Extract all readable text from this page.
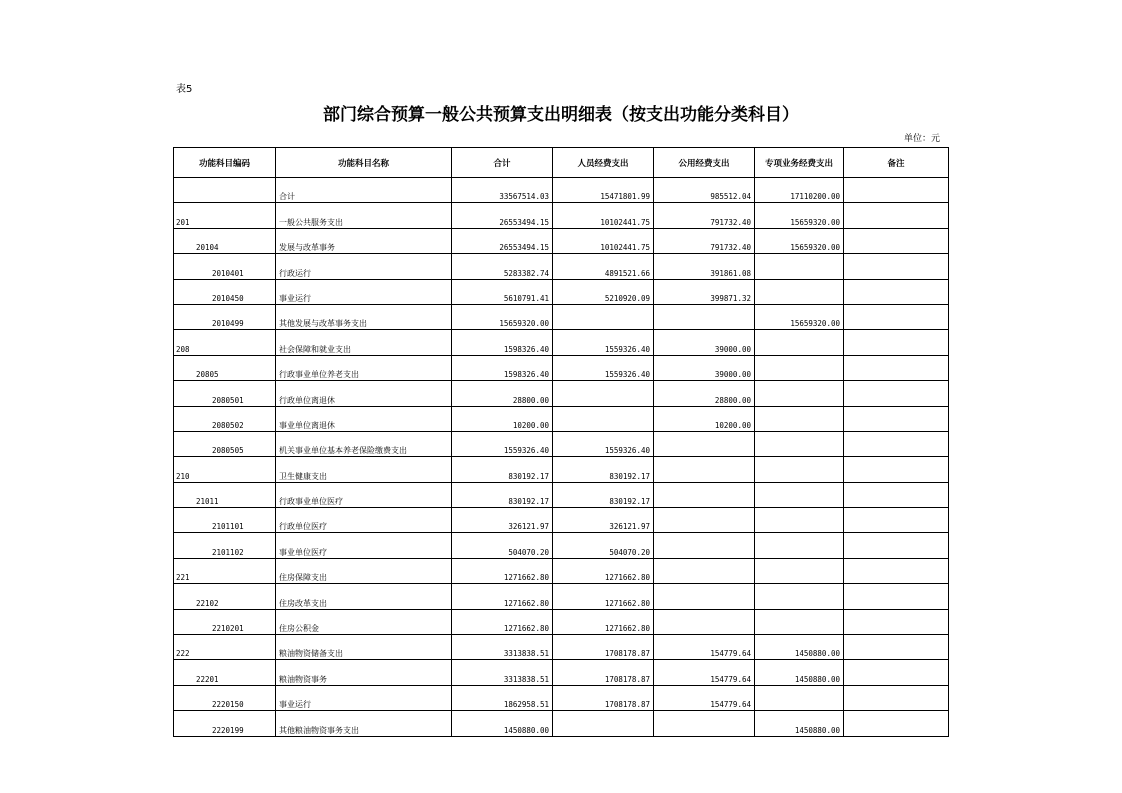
表5
部门综合预算一般公共预算支出明细表（按支出功能分类科目）
单位：元
功能科目编码	功能科目名称	合计	人员经费支出	公用经费支出	专项业务经费支出	备注
	合计	33567514.03	15471801.99	985512.04	17110200.00	
201	一般公共服务支出	26553494.15	10102441.75	791732.40	15659320.00	
20104	发展与改革事务	26553494.15	10102441.75	791732.40	15659320.00	
2010401	行政运行	5283382.74	4891521.66	391861.08		
2010450	事业运行	5610791.41	5210920.09	399871.32		
2010499	其他发展与改革事务支出	15659320.00			15659320.00	
208	社会保障和就业支出	1598326.40	1559326.40	39000.00		
20805	行政事业单位养老支出	1598326.40	1559326.40	39000.00		
2080501	行政单位离退休	28800.00		28800.00		
2080502	事业单位离退休	10200.00		10200.00		
2080505	机关事业单位基本养老保险缴费支出	1559326.40	1559326.40			
210	卫生健康支出	830192.17	830192.17			
21011	行政事业单位医疗	830192.17	830192.17			
2101101	行政单位医疗	326121.97	326121.97			
2101102	事业单位医疗	504070.20	504070.20			
221	住房保障支出	1271662.80	1271662.80			
22102	住房改革支出	1271662.80	1271662.80			
2210201	住房公积金	1271662.80	1271662.80			
222	粮油物资储备支出	3313838.51	1708178.87	154779.64	1450880.00	
22201	粮油物资事务	3313838.51	1708178.87	154779.64	1450880.00	
2220150	事业运行	1862958.51	1708178.87	154779.64		
2220199	其他粮油物资事务支出	1450880.00			1450880.00	
